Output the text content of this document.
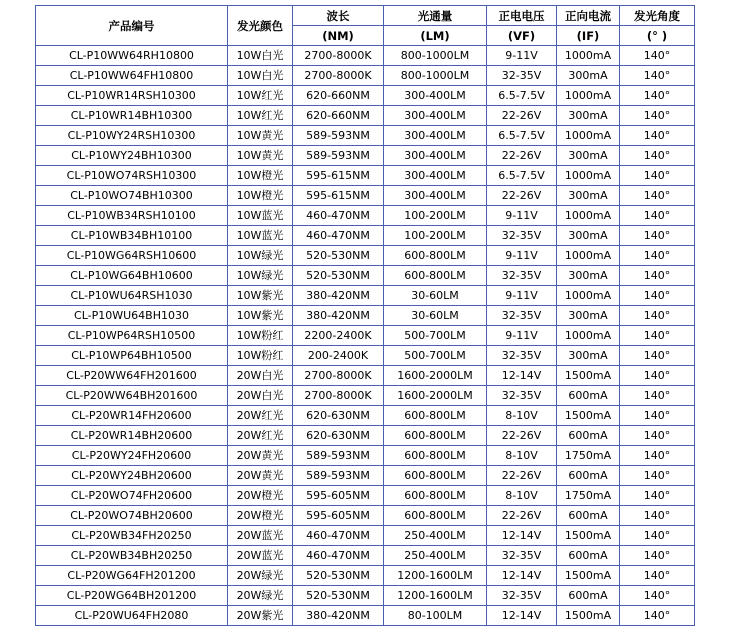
产品编号	发光颜色	波长	光通量	正电电压	正向电流	发光角度
		(NM)	(LM)	(VF)	(IF)	(° )
CL-P10WW64RH10800	10W白光	2700-8000K	800-1000LM	9-11V	1000mA	140°
CL-P10WW64FH10800	10W白光	2700-8000K	800-1000LM	32-35V	300mA	140°
CL-P10WR14RSH10300	10W红光	620-660NM	300-400LM	6.5-7.5V	1000mA	140°
CL-P10WR14BH10300	10W红光	620-660NM	300-400LM	22-26V	300mA	140°
CL-P10WY24RSH10300	10W黄光	589-593NM	300-400LM	6.5-7.5V	1000mA	140°
CL-P10WY24BH10300	10W黄光	589-593NM	300-400LM	22-26V	300mA	140°
CL-P10WO74RSH10300	10W橙光	595-615NM	300-400LM	6.5-7.5V	1000mA	140°
CL-P10WO74BH10300	10W橙光	595-615NM	300-400LM	22-26V	300mA	140°
CL-P10WB34RSH10100	10W蓝光	460-470NM	100-200LM	9-11V	1000mA	140°
CL-P10WB34BH10100	10W蓝光	460-470NM	100-200LM	32-35V	300mA	140°
CL-P10WG64RSH10600	10W绿光	520-530NM	600-800LM	9-11V	1000mA	140°
CL-P10WG64BH10600	10W绿光	520-530NM	600-800LM	32-35V	300mA	140°
CL-P10WU64RSH1030	10W紫光	380-420NM	30-60LM	9-11V	1000mA	140°
CL-P10WU64BH1030	10W紫光	380-420NM	30-60LM	32-35V	300mA	140°
CL-P10WP64RSH10500	10W粉红	2200-2400K	500-700LM	9-11V	1000mA	140°
CL-P10WP64BH10500	10W粉红	200-2400K	500-700LM	32-35V	300mA	140°
CL-P20WW64FH201600	20W白光	2700-8000K	1600-2000LM	12-14V	1500mA	140°
CL-P20WW64BH201600	20W白光	2700-8000K	1600-2000LM	32-35V	600mA	140°
CL-P20WR14FH20600	20W红光	620-630NM	600-800LM	8-10V	1500mA	140°
CL-P20WR14BH20600	20W红光	620-630NM	600-800LM	22-26V	600mA	140°
CL-P20WY24FH20600	20W黄光	589-593NM	600-800LM	8-10V	1750mA	140°
CL-P20WY24BH20600	20W黄光	589-593NM	600-800LM	22-26V	600mA	140°
CL-P20WO74FH20600	20W橙光	595-605NM	600-800LM	8-10V	1750mA	140°
CL-P20WO74BH20600	20W橙光	595-605NM	600-800LM	22-26V	600mA	140°
CL-P20WB34FH20250	20W蓝光	460-470NM	250-400LM	12-14V	1500mA	140°
CL-P20WB34BH20250	20W蓝光	460-470NM	250-400LM	32-35V	600mA	140°
CL-P20WG64FH201200	20W绿光	520-530NM	1200-1600LM	12-14V	1500mA	140°
CL-P20WG64BH201200	20W绿光	520-530NM	1200-1600LM	32-35V	600mA	140°
CL-P20WU64FH2080	20W紫光	380-420NM	80-100LM	12-14V	1500mA	140°
